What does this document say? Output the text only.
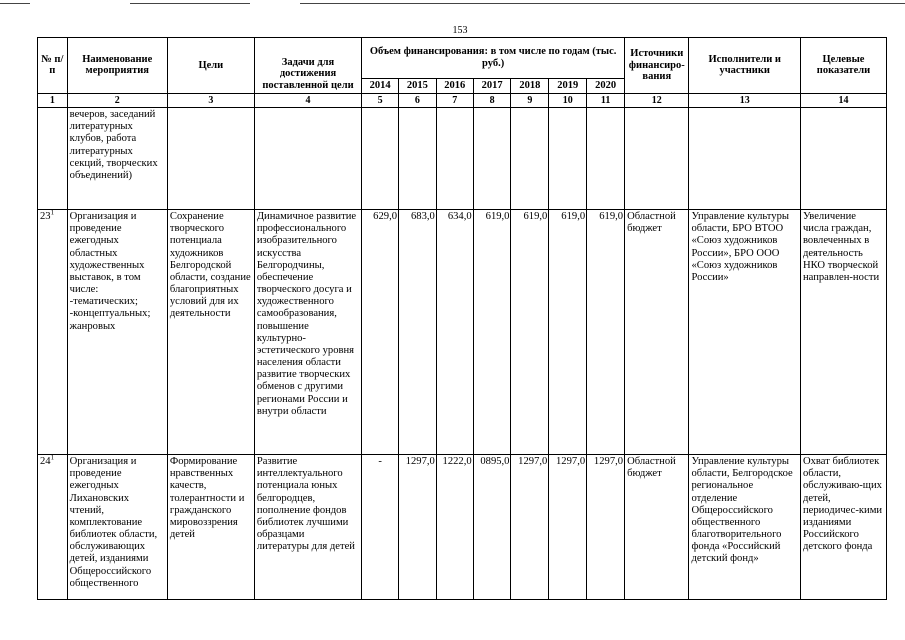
153
№ п/п	Наименование мероприятия	Цели	Задачи для достижения поставленной цели	Объем финансирования: в том числе по годам (тыс. руб.)							Источники финансиро-вания	Исполнители и участники	Целевые показатели
				2014	2015	2016	2017	2018	2019	2020			
1	2	3	4	5	6	7	8	9	10	11	12	13	14
	вечеров, заседаний литературных клубов, работа литературных секций, творческих объединений)												
$23^1$	Организация и проведение ежегодных областных художественных выставок, в том числе: -тематических; -концептуальных; жанровых	Сохранение творческого потенциала художников Белгородской области, создание благоприятных условий для их деятельности	Динамичное развитие профессионального изобразительного искусства Белгородчины, обеспечение творческого досуга и художественного самообразования, повышение культурно-эстетического уровня населения области развитие творческих обменов с другими регионами России и внутри области	629,0	683,0	634,0	619,0	619,0	619,0	619,0	Областной бюджет	Управление культуры области, БРО ВТОО «Союз художников России», БРО ООО «Союз художников России»	Увеличение числа граждан, вовлеченных в деятельность НКО творческой направлен-ности
$24^1$	Организация и проведение ежегодных Лихановских чтений, комплектование библиотек области, обслуживающих детей, изданиями Общероссийского общественного	Формирование нравственных качеств, толерантности и гражданского мировоззрения детей	Развитие интеллектуального потенциала юных белгородцев, пополнение фондов библиотек лучшими образцами литературы для детей	-	1297,0	1222,0	0895,0	1297,0	1297,0	1297,0	Областной бюджет	Управление культуры области, Белгородское региональное отделение Общероссийского общественного благотворительного фонда «Российский детский фонд»	Охват библиотек области, обслуживаю-щих детей, периодичес-кими изданиями Российского детского фонда
